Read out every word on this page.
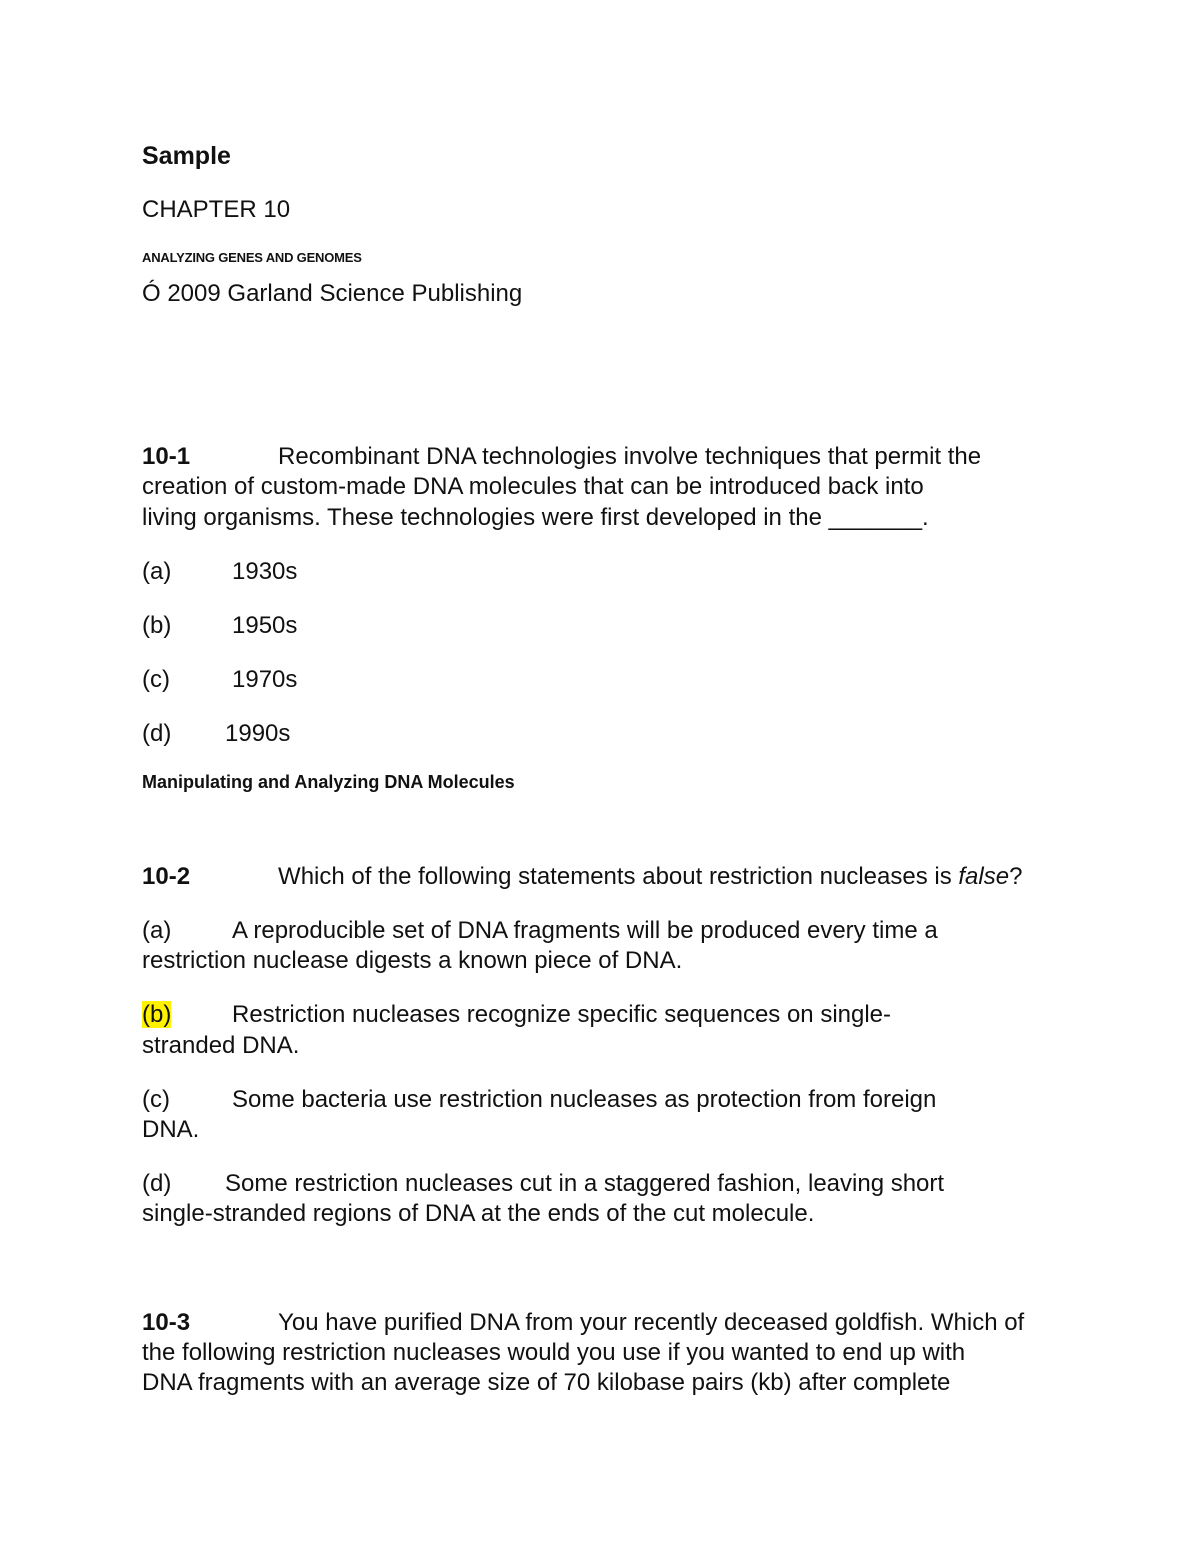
Sample
CHAPTER 10
ANALYZING GENES AND GENOMES
Ó 2009 Garland Science Publishing
10-1	Recombinant DNA technologies involve techniques that permit the
creation of custom-made DNA molecules that can be introduced back into
living organisms. These technologies were first developed in the _______.
(a)	1930s
(b)	1950s
(c)	1970s
(d) 1990s
Manipulating and Analyzing DNA Molecules
10-2	Which of the following statements about restriction nucleases is false?
(a)	A reproducible set of DNA fragments will be produced every time a
restriction nuclease digests a known piece of DNA.
(b)	Restriction nucleases recognize specific sequences on single-
stranded DNA.
(c)	Some bacteria use restriction nucleases as protection from foreign
DNA.
(d) Some restriction nucleases cut in a staggered fashion, leaving short
single-stranded regions of DNA at the ends of the cut molecule.
10-3	You have purified DNA from your recently deceased goldfish. Which of
the following restriction nucleases would you use if you wanted to end up with
DNA fragments with an average size of 70 kilobase pairs (kb) after complete
